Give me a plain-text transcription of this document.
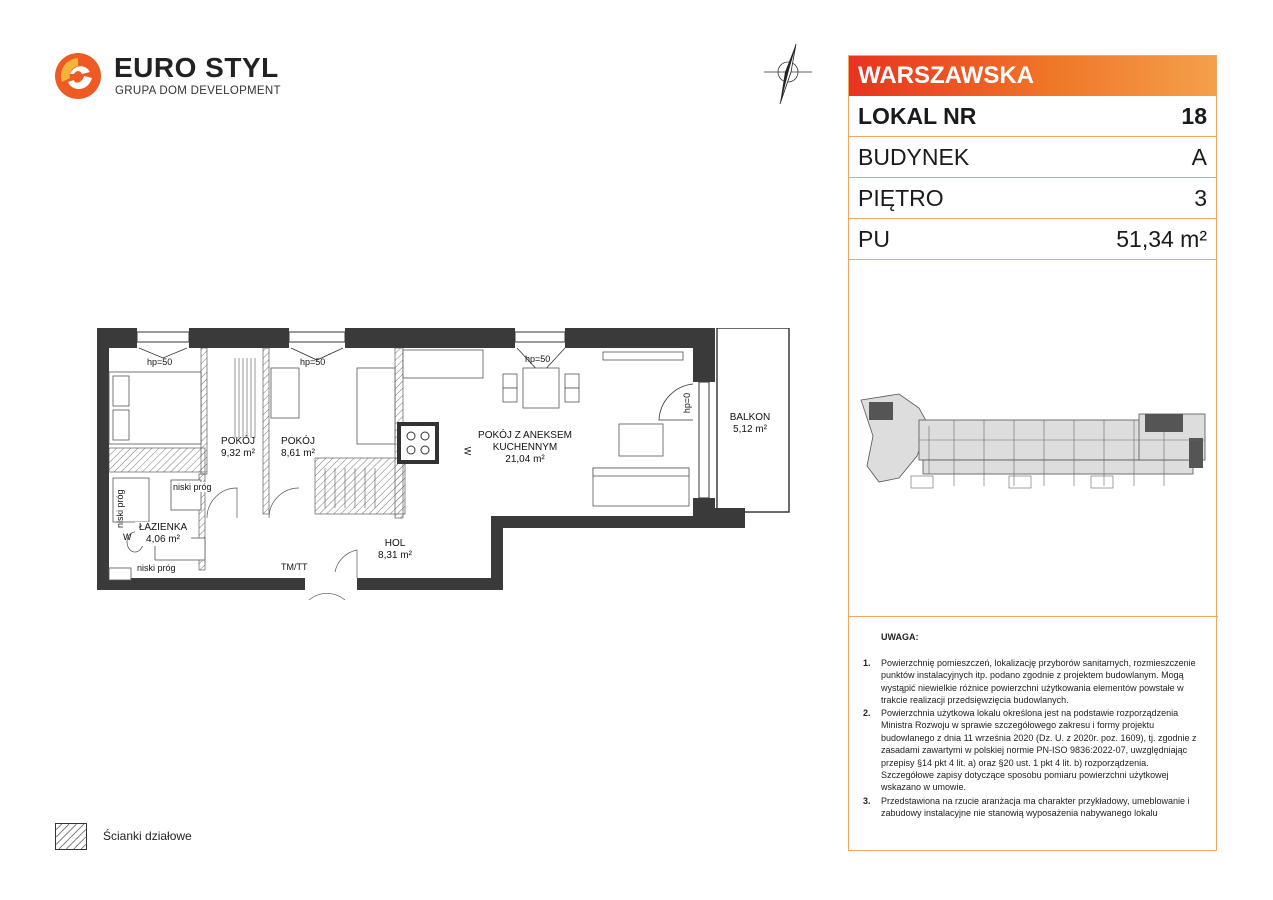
EURO STYL
GRUPA DOM DEVELOPMENT
hp=50	hp=50	hp=50
hp=0
POKÓJ
9,32 m²
POKÓJ
8,61 m²
POKÓJ Z ANEKSEM KUCHENNYM
21,04 m²
BALKON
5,12 m²
ŁAZIENKA
4,06 m²	HOL
8,31 m²
niski próg
niski próg
niski próg	TM/TT
W
W
Ścianki działowe
WARSZAWSKA
LOKAL NR	18
BUDYNEK	A
PIĘTRO	3
PU	51,34 m²
UWAGA:
1. Powierzchnię pomieszczeń, lokalizację przyborów sanitarnych, rozmieszczenie punktów instalacyjnych itp. podano zgodnie z projektem budowlanym. Mogą wystąpić niewielkie różnice powierzchni użytkowania elementów powstałe w trakcie realizacji przedsięwzięcia budowlanych.
2. Powierzchnia użytkowa lokalu określona jest na podstawie rozporządzenia Ministra Rozwoju w sprawie szczegółowego zakresu i formy projektu budowlanego z dnia 11 września 2020 (Dz. U. z 2020r. poz. 1609), tj. zgodnie z zasadami zawartymi w polskiej normie PN-ISO 9836:2022-07, uwzględniając przepisy §14 pkt 4 lit. a) oraz §20 ust. 1 pkt 4 lit. b) rozporządzenia. Szczegółowe zapisy dotyczące sposobu pomiaru powierzchni użytkowej wskazano w umowie.
3. Przedstawiona na rzucie aranżacja ma charakter przykładowy, umeblowanie i zabudowy instalacyjne nie stanowią wyposażenia nabywanego lokalu
